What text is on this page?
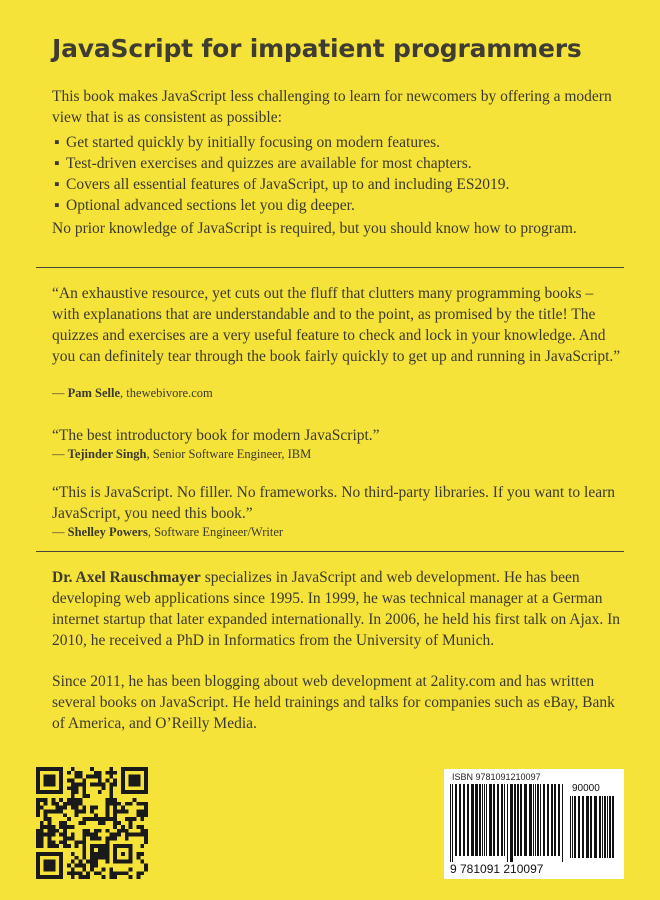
JavaScript for impatient programmers
This book makes JavaScript less challenging to learn for newcomers by offering a modern view that is as consistent as possible:
▪ Get started quickly by initially focusing on modern features.
▪ Test-driven exercises and quizzes are available for most chapters.
▪ Covers all essential features of JavaScript, up to and including ES2019.
▪ Optional advanced sections let you dig deeper.
No prior knowledge of JavaScript is required, but you should know how to program.
“An exhaustive resource, yet cuts out the fluff that clutters many programming books – with explanations that are understandable and to the point, as promised by the title! The quizzes and exercises are a very useful feature to check and lock in your knowledge. And you can definitely tear through the book fairly quickly to get up and running in JavaScript.”
— Pam Selle, thewebivore.com
“The best introductory book for modern JavaScript.”
— Tejinder Singh, Senior Software Engineer, IBM
“This is JavaScript. No filler. No frameworks. No third-party libraries. If you want to learn JavaScript, you need this book.”
— Shelley Powers, Software Engineer/Writer
Dr. Axel Rauschmayer specializes in JavaScript and web development. He has been developing web applications since 1995. In 1999, he was technical manager at a German internet startup that later expanded internationally. In 2006, he held his first talk on Ajax. In 2010, he received a PhD in Informatics from the University of Munich.
Since 2011, he has been blogging about web development at 2ality.com and has written several books on JavaScript. He held trainings and talks for companies such as eBay, Bank of America, and O’Reilly Media.
ISBN 9781091210097
9 781091 210097
90000
